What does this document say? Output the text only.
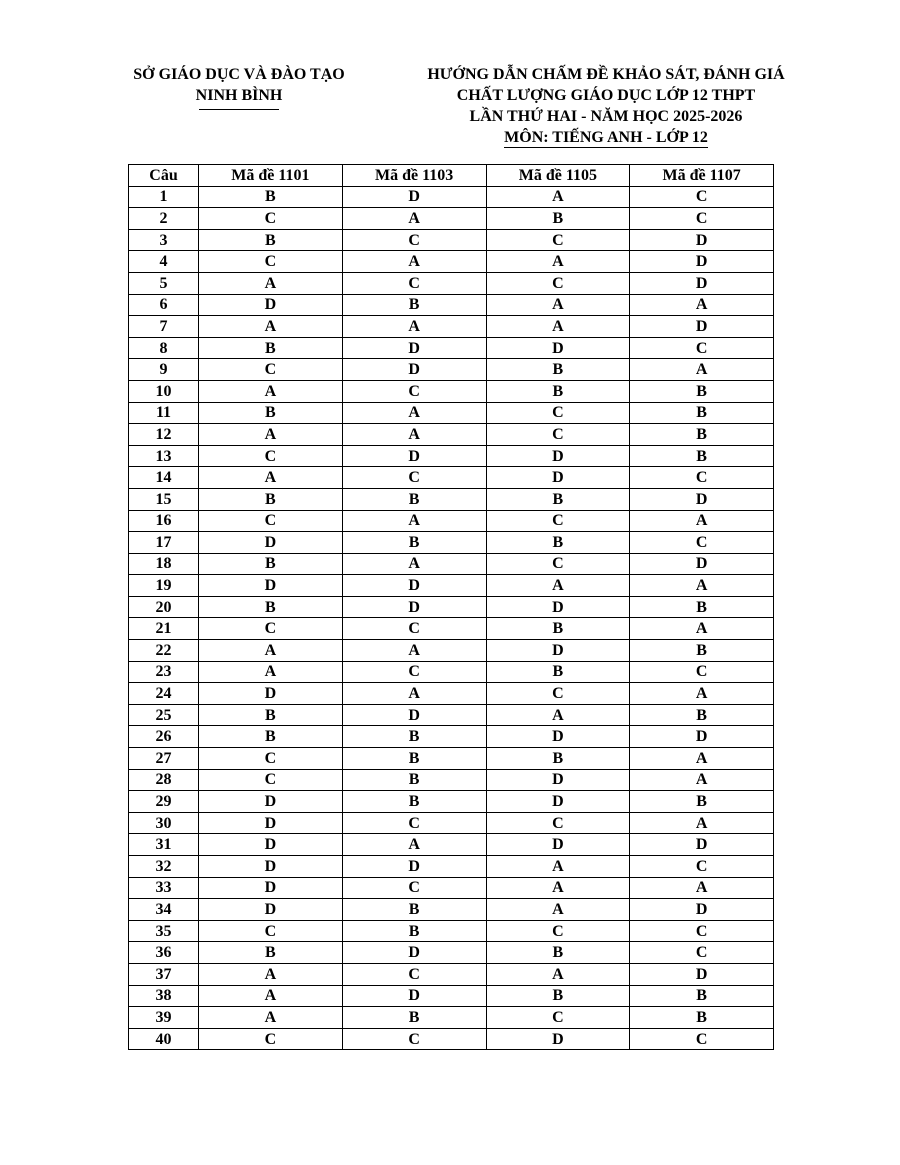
SỞ GIÁO DỤC VÀ ĐÀO TẠO
NINH BÌNH
HƯỚNG DẪN CHẤM ĐỀ KHẢO SÁT, ĐÁNH GIÁ
CHẤT LƯỢNG GIÁO DỤC LỚP 12 THPT
LẦN THỨ HAI - NĂM HỌC 2025-2026
MÔN: TIẾNG ANH - LỚP 12
Câu	Mã đề 1101	Mã đề 1103	Mã đề 1105	Mã đề 1107
1	B	D	A	C
2	C	A	B	C
3	B	C	C	D
4	C	A	A	D
5	A	C	C	D
6	D	B	A	A
7	A	A	A	D
8	B	D	D	C
9	C	D	B	A
10	A	C	B	B
11	B	A	C	B
12	A	A	C	B
13	C	D	D	B
14	A	C	D	C
15	B	B	B	D
16	C	A	C	A
17	D	B	B	C
18	B	A	C	D
19	D	D	A	A
20	B	D	D	B
21	C	C	B	A
22	A	A	D	B
23	A	C	B	C
24	D	A	C	A
25	B	D	A	B
26	B	B	D	D
27	C	B	B	A
28	C	B	D	A
29	D	B	D	B
30	D	C	C	A
31	D	A	D	D
32	D	D	A	C
33	D	C	A	A
34	D	B	A	D
35	C	B	C	C
36	B	D	B	C
37	A	C	A	D
38	A	D	B	B
39	A	B	C	B
40	C	C	D	C
